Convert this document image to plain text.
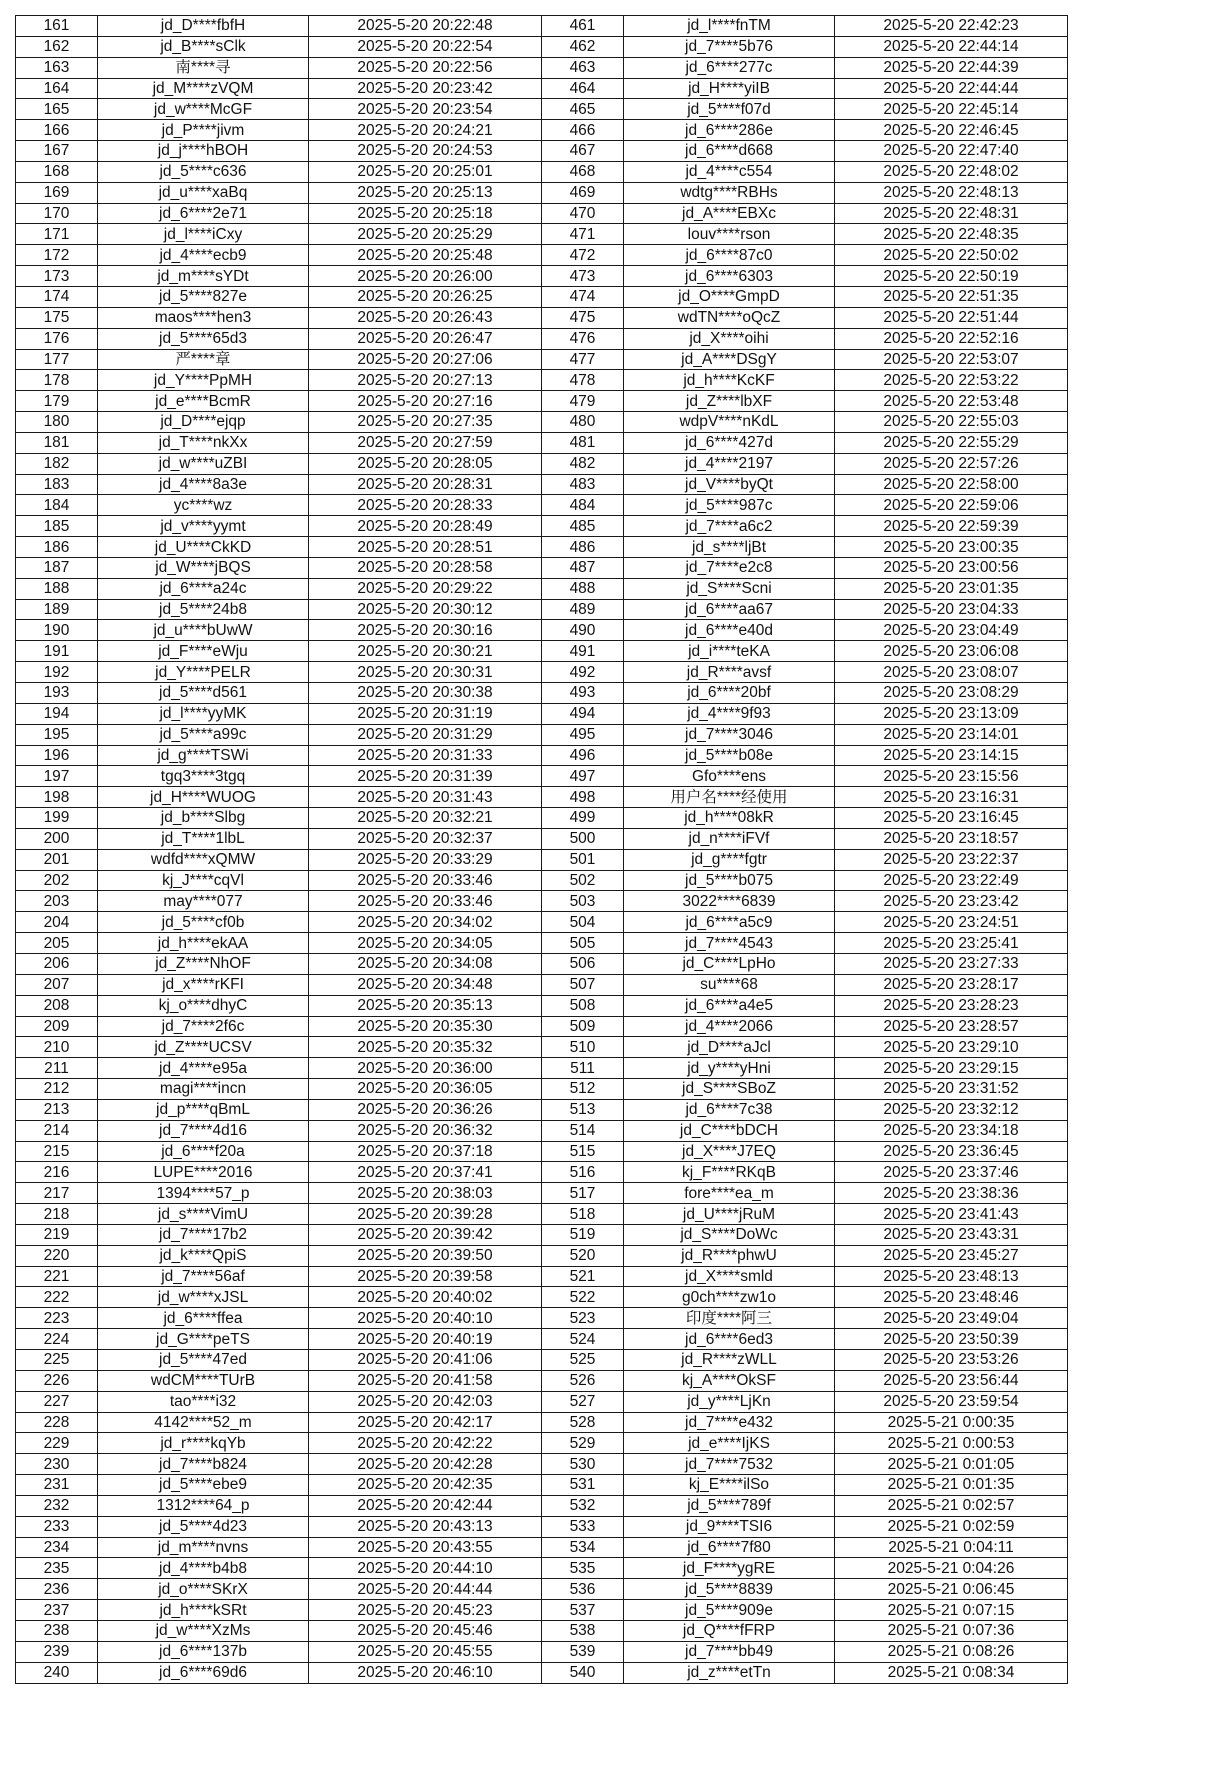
161	jd_D****fbfH	2025-5-20 20:22:48	461	jd_l****fnTM	2025-5-20 22:42:23
162	jd_B****sClk	2025-5-20 20:22:54	462	jd_7****5b76	2025-5-20 22:44:14
163	南****寻	2025-5-20 20:22:56	463	jd_6****277c	2025-5-20 22:44:39
164	jd_M****zVQM	2025-5-20 20:23:42	464	jd_H****yiIB	2025-5-20 22:44:44
165	jd_w****McGF	2025-5-20 20:23:54	465	jd_5****f07d	2025-5-20 22:45:14
166	jd_P****jivm	2025-5-20 20:24:21	466	jd_6****286e	2025-5-20 22:46:45
167	jd_j****hBOH	2025-5-20 20:24:53	467	jd_6****d668	2025-5-20 22:47:40
168	jd_5****c636	2025-5-20 20:25:01	468	jd_4****c554	2025-5-20 22:48:02
169	jd_u****xaBq	2025-5-20 20:25:13	469	wdtg****RBHs	2025-5-20 22:48:13
170	jd_6****2e71	2025-5-20 20:25:18	470	jd_A****EBXc	2025-5-20 22:48:31
171	jd_l****iCxy	2025-5-20 20:25:29	471	louv****rson	2025-5-20 22:48:35
172	jd_4****ecb9	2025-5-20 20:25:48	472	jd_6****87c0	2025-5-20 22:50:02
173	jd_m****sYDt	2025-5-20 20:26:00	473	jd_6****6303	2025-5-20 22:50:19
174	jd_5****827e	2025-5-20 20:26:25	474	jd_O****GmpD	2025-5-20 22:51:35
175	maos****hen3	2025-5-20 20:26:43	475	wdTN****oQcZ	2025-5-20 22:51:44
176	jd_5****65d3	2025-5-20 20:26:47	476	jd_X****oihi	2025-5-20 22:52:16
177	严****章	2025-5-20 20:27:06	477	jd_A****DSgY	2025-5-20 22:53:07
178	jd_Y****PpMH	2025-5-20 20:27:13	478	jd_h****KcKF	2025-5-20 22:53:22
179	jd_e****BcmR	2025-5-20 20:27:16	479	jd_Z****lbXF	2025-5-20 22:53:48
180	jd_D****ejqp	2025-5-20 20:27:35	480	wdpV****nKdL	2025-5-20 22:55:03
181	jd_T****nkXx	2025-5-20 20:27:59	481	jd_6****427d	2025-5-20 22:55:29
182	jd_w****uZBI	2025-5-20 20:28:05	482	jd_4****2197	2025-5-20 22:57:26
183	jd_4****8a3e	2025-5-20 20:28:31	483	jd_V****byQt	2025-5-20 22:58:00
184	yc****wz	2025-5-20 20:28:33	484	jd_5****987c	2025-5-20 22:59:06
185	jd_v****yymt	2025-5-20 20:28:49	485	jd_7****a6c2	2025-5-20 22:59:39
186	jd_U****CkKD	2025-5-20 20:28:51	486	jd_s****ljBt	2025-5-20 23:00:35
187	jd_W****jBQS	2025-5-20 20:28:58	487	jd_7****e2c8	2025-5-20 23:00:56
188	jd_6****a24c	2025-5-20 20:29:22	488	jd_S****Scni	2025-5-20 23:01:35
189	jd_5****24b8	2025-5-20 20:30:12	489	jd_6****aa67	2025-5-20 23:04:33
190	jd_u****bUwW	2025-5-20 20:30:16	490	jd_6****e40d	2025-5-20 23:04:49
191	jd_F****eWju	2025-5-20 20:30:21	491	jd_i****teKA	2025-5-20 23:06:08
192	jd_Y****PELR	2025-5-20 20:30:31	492	jd_R****avsf	2025-5-20 23:08:07
193	jd_5****d561	2025-5-20 20:30:38	493	jd_6****20bf	2025-5-20 23:08:29
194	jd_l****yyMK	2025-5-20 20:31:19	494	jd_4****9f93	2025-5-20 23:13:09
195	jd_5****a99c	2025-5-20 20:31:29	495	jd_7****3046	2025-5-20 23:14:01
196	jd_g****TSWi	2025-5-20 20:31:33	496	jd_5****b08e	2025-5-20 23:14:15
197	tgq3****3tgq	2025-5-20 20:31:39	497	Gfo****ens	2025-5-20 23:15:56
198	jd_H****WUOG	2025-5-20 20:31:43	498	用户名****经使用	2025-5-20 23:16:31
199	jd_b****Slbg	2025-5-20 20:32:21	499	jd_h****08kR	2025-5-20 23:16:45
200	jd_T****1lbL	2025-5-20 20:32:37	500	jd_n****iFVf	2025-5-20 23:18:57
201	wdfd****xQMW	2025-5-20 20:33:29	501	jd_g****fgtr	2025-5-20 23:22:37
202	kj_J****cqVl	2025-5-20 20:33:46	502	jd_5****b075	2025-5-20 23:22:49
203	may****077	2025-5-20 20:33:46	503	3022****6839	2025-5-20 23:23:42
204	jd_5****cf0b	2025-5-20 20:34:02	504	jd_6****a5c9	2025-5-20 23:24:51
205	jd_h****ekAA	2025-5-20 20:34:05	505	jd_7****4543	2025-5-20 23:25:41
206	jd_Z****NhOF	2025-5-20 20:34:08	506	jd_C****LpHo	2025-5-20 23:27:33
207	jd_x****rKFI	2025-5-20 20:34:48	507	su****68	2025-5-20 23:28:17
208	kj_o****dhyC	2025-5-20 20:35:13	508	jd_6****a4e5	2025-5-20 23:28:23
209	jd_7****2f6c	2025-5-20 20:35:30	509	jd_4****2066	2025-5-20 23:28:57
210	jd_Z****UCSV	2025-5-20 20:35:32	510	jd_D****aJcl	2025-5-20 23:29:10
211	jd_4****e95a	2025-5-20 20:36:00	511	jd_y****yHni	2025-5-20 23:29:15
212	magi****incn	2025-5-20 20:36:05	512	jd_S****SBoZ	2025-5-20 23:31:52
213	jd_p****qBmL	2025-5-20 20:36:26	513	jd_6****7c38	2025-5-20 23:32:12
214	jd_7****4d16	2025-5-20 20:36:32	514	jd_C****bDCH	2025-5-20 23:34:18
215	jd_6****f20a	2025-5-20 20:37:18	515	jd_X****J7EQ	2025-5-20 23:36:45
216	LUPE****2016	2025-5-20 20:37:41	516	kj_F****RKqB	2025-5-20 23:37:46
217	1394****57_p	2025-5-20 20:38:03	517	fore****ea_m	2025-5-20 23:38:36
218	jd_s****VimU	2025-5-20 20:39:28	518	jd_U****jRuM	2025-5-20 23:41:43
219	jd_7****17b2	2025-5-20 20:39:42	519	jd_S****DoWc	2025-5-20 23:43:31
220	jd_k****QpiS	2025-5-20 20:39:50	520	jd_R****phwU	2025-5-20 23:45:27
221	jd_7****56af	2025-5-20 20:39:58	521	jd_X****smld	2025-5-20 23:48:13
222	jd_w****xJSL	2025-5-20 20:40:02	522	g0ch****zw1o	2025-5-20 23:48:46
223	jd_6****ffea	2025-5-20 20:40:10	523	印度****阿三	2025-5-20 23:49:04
224	jd_G****peTS	2025-5-20 20:40:19	524	jd_6****6ed3	2025-5-20 23:50:39
225	jd_5****47ed	2025-5-20 20:41:06	525	jd_R****zWLL	2025-5-20 23:53:26
226	wdCM****TUrB	2025-5-20 20:41:58	526	kj_A****OkSF	2025-5-20 23:56:44
227	tao****i32	2025-5-20 20:42:03	527	jd_y****LjKn	2025-5-20 23:59:54
228	4142****52_m	2025-5-20 20:42:17	528	jd_7****e432	2025-5-21 0:00:35
229	jd_r****kqYb	2025-5-20 20:42:22	529	jd_e****IjKS	2025-5-21 0:00:53
230	jd_7****b824	2025-5-20 20:42:28	530	jd_7****7532	2025-5-21 0:01:05
231	jd_5****ebe9	2025-5-20 20:42:35	531	kj_E****ilSo	2025-5-21 0:01:35
232	1312****64_p	2025-5-20 20:42:44	532	jd_5****789f	2025-5-21 0:02:57
233	jd_5****4d23	2025-5-20 20:43:13	533	jd_9****TSI6	2025-5-21 0:02:59
234	jd_m****nvns	2025-5-20 20:43:55	534	jd_6****7f80	2025-5-21 0:04:11
235	jd_4****b4b8	2025-5-20 20:44:10	535	jd_F****ygRE	2025-5-21 0:04:26
236	jd_o****SKrX	2025-5-20 20:44:44	536	jd_5****8839	2025-5-21 0:06:45
237	jd_h****kSRt	2025-5-20 20:45:23	537	jd_5****909e	2025-5-21 0:07:15
238	jd_w****XzMs	2025-5-20 20:45:46	538	jd_Q****fFRP	2025-5-21 0:07:36
239	jd_6****137b	2025-5-20 20:45:55	539	jd_7****bb49	2025-5-21 0:08:26
240	jd_6****69d6	2025-5-20 20:46:10	540	jd_z****etTn	2025-5-21 0:08:34
